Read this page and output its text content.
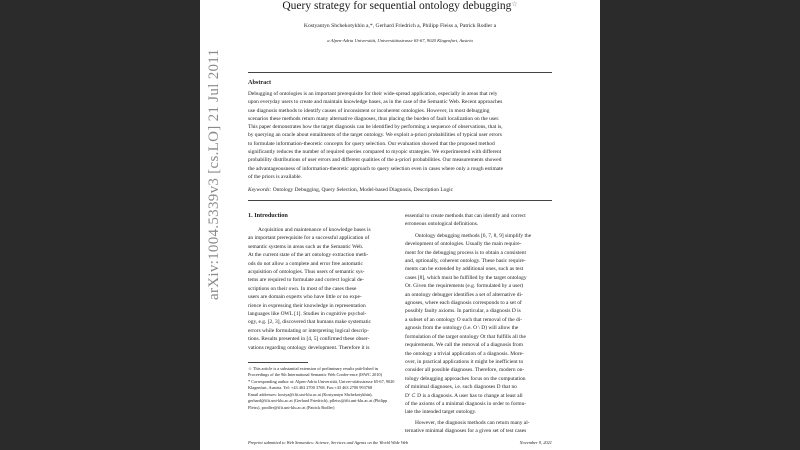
arXiv:1004.5339v3 [cs.LO] 21 Jul 2011
Query strategy for sequential ontology debugging☆
Kostyantyn Shchekotykhin a,*, Gerhard Friedrich a, Philipp Fleiss a, Patrick Rodler a
a Alpen-Adria Universität, Universitätsstrasse 65-67, 9020 Klagenfurt, Austria
Abstract
Debugging of ontologies is an important prerequisite for their wide-spread application, especially in areas that rely
upon everyday users to create and maintain knowledge bases, as in the case of the Semantic Web. Recent approaches
use diagnosis methods to identify causes of inconsistent or incoherent ontologies. However, in most debugging
scenarios these methods return many alternative diagnoses, thus placing the burden of fault localization on the user.
This paper demonstrates how the target diagnosis can be identified by performing a sequence of observations, that is,
by querying an oracle about entailments of the target ontology. We exploit a-priori probabilities of typical user errors
to formulate information-theoretic concepts for query selection. Our evaluation showed that the proposed method
significantly reduces the number of required queries compared to myopic strategies. We experimented with different
probability distributions of user errors and different qualities of the a-priori probabilities. Our measurements showed
the advantageousness of information-theoretic approach to query selection even in cases where only a rough estimate
of the priors is available.
Keywords: Ontology Debugging, Query Selection, Model-based Diagnosis, Description Logic
1. Introduction
Acquisition and maintenance of knowledge bases is
an important prerequisite for a successful application of
semantic systems in areas such as the Semantic Web.
At the current state of the art ontology extraction meth-
ods do not allow a complete and error free automatic
acquisition of ontologies. Thus users of semantic sys-
tems are required to formulate and correct logical de-
scriptions on their own. In most of the cases these
users are domain experts who have little or no expe-
rience in expressing their knowledge in representation
languages like OWL [1]. Studies in cognitive psychol-
ogy, e.g. [2, 3], discovered that humans make systematic
errors while formulating or interpreting logical descrip-
tions. Results presented in [4, 5] confirmed these obser-
vations regarding ontology development. Therefore it is
essential to create methods that can identify and correct
erroneous ontological definitions.
Ontology debugging methods [6, 7, 8, 9] simplify the
development of ontologies. Usually the main require-
ment for the debugging process is to obtain a consistent
and, optionally, coherent ontology. These basic require-
ments can be extended by additional ones, such as test
cases [8], which must be fulfilled by the target ontology
Ot. Given the requirements (e.g. formulated by a user)
an ontology debugger identifies a set of alternative di-
agnoses, where each diagnosis corresponds to a set of
possibly faulty axioms. In particular, a diagnosis D is
a subset of an ontology O such that removal of the di-
agnosis from the ontology (i.e. O \ D) will allow the
formulation of the target ontology Ot that fulfills all the
requirements. We call the removal of a diagnosis from
the ontology a trivial application of a diagnosis. More-
over, in practical applications it might be inefficient to
consider all possible diagnoses. Therefore, modern on-
tology debugging approaches focus on the computation
of minimal diagnoses, i.e. such diagnoses D that no
D' ⊂ D is a diagnosis. A user has to change at least all
of the axioms of a minimal diagnosis in order to formu-
late the intended target ontology.
However, the diagnosis methods can return many al-
ternative minimal diagnoses for a given set of test cases

☆ This article is a substantial extension of preliminary results pub-lished in Proceedings of the 9th International Semantic Web Confer-ence (ISWC 2010)

* Corresponding author at: Alpen-Adria Universität, Univer-sitätsstrasse 65-67, 9020 Klagenfurt, Austria. Tel: +43 463 2700 3768. Fax:+43 463 2700 993768

Email addresses: kostya@ifit.uni-klu.ac.at (Kostyantyn Shchekotykhin), gerhard@ifit.uni-klu.ac.at (Gerhard Friedrich), pfleiss@ifit.uni-klu.ac.at (Philipp Fleiss), prodler@ifit.uni-klu.ac.at (Patrick Rodler)

Preprint submitted to Web Semantics: Science, Services and Agents on the World Wide Web	November 9, 2021
